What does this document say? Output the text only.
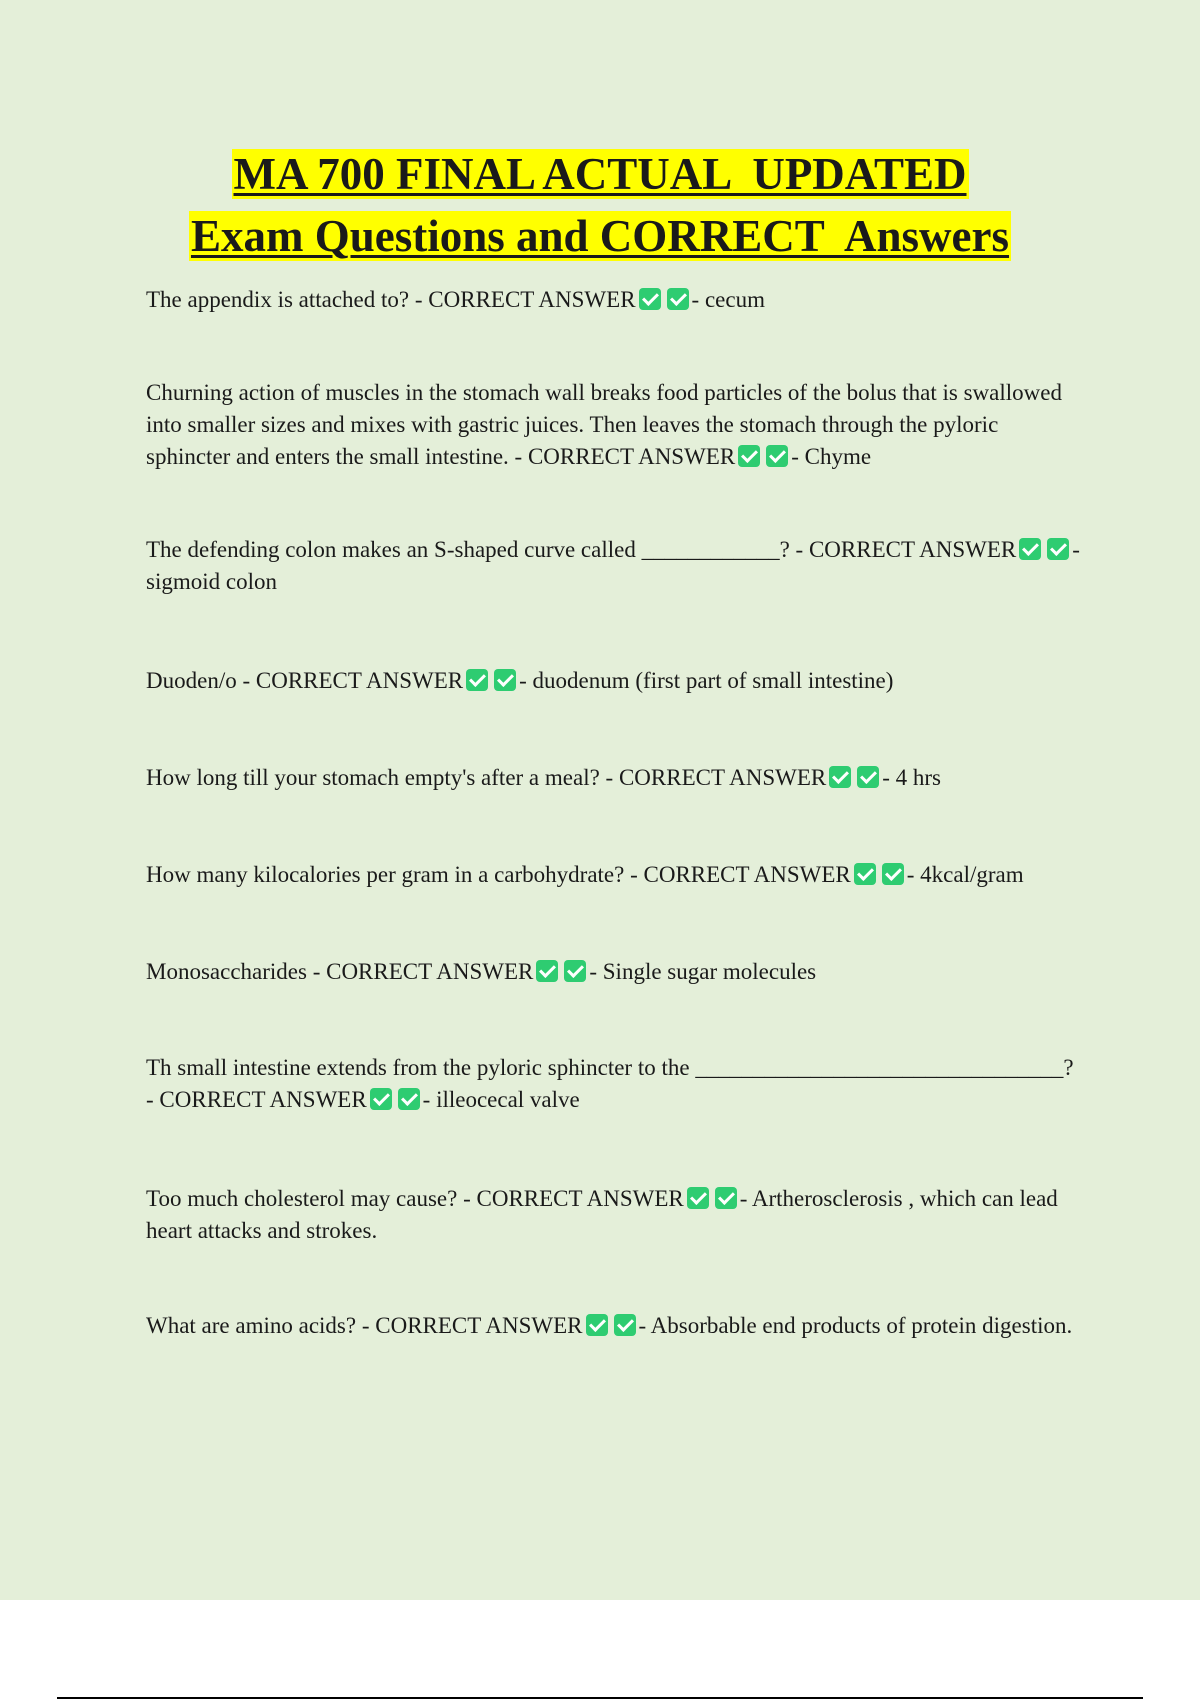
MA 700 FINAL ACTUAL  UPDATED
Exam Questions and CORRECT  Answers
The appendix is attached to? - CORRECT ANSWER - cecum
Churning action of muscles in the stomach wall breaks food particles of the bolus that is swallowed into smaller sizes and mixes with gastric juices. Then leaves the stomach through the pyloric sphincter and enters the small intestine. - CORRECT ANSWER - Chyme
The defending colon makes an S-shaped curve called ____________? - CORRECT ANSWER - sigmoid colon
Duoden/o - CORRECT ANSWER - duodenum (first part of small intestine)
How long till your stomach empty's after a meal? - CORRECT ANSWER - 4 hrs
How many kilocalories per gram in a carbohydrate? - CORRECT ANSWER - 4kcal/gram
Monosaccharides - CORRECT ANSWER - Single sugar molecules
Th small intestine extends from the pyloric sphincter to the ________________________________? - CORRECT ANSWER - illeocecal valve
Too much cholesterol may cause? - CORRECT ANSWER - Artherosclerosis , which can lead heart attacks and strokes.
What are amino acids? - CORRECT ANSWER - Absorbable end products of protein digestion.
